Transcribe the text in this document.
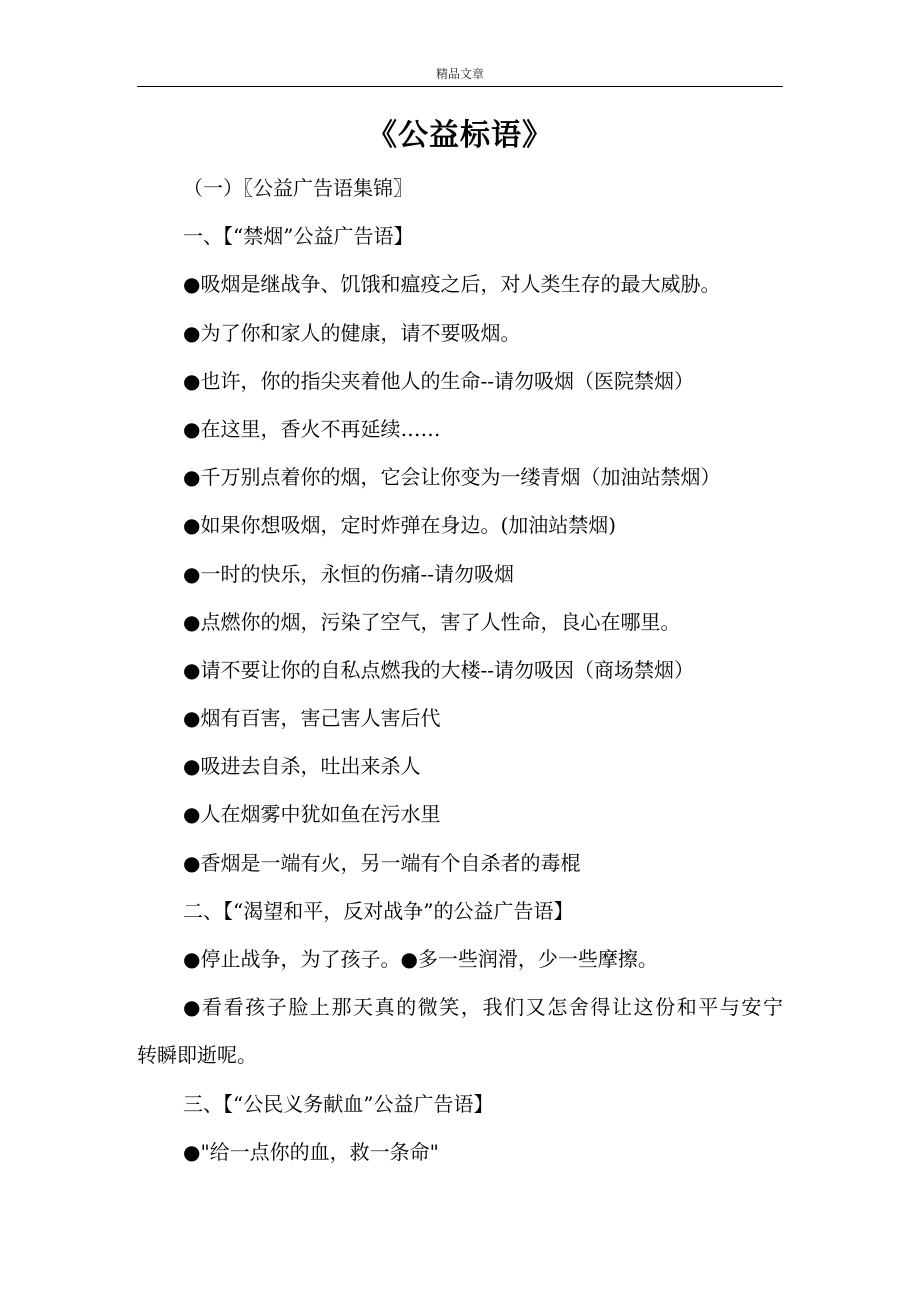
精品文章
《公益标语》
（一）〖公益广告语集锦〗
一、【“禁烟”公益广告语】
●吸烟是继战争、饥饿和瘟疫之后，对人类生存的最大威胁。
●为了你和家人的健康，请不要吸烟。
●也许，你的指尖夹着他人的生命--请勿吸烟（医院禁烟）
●在这里，香火不再延续……
●千万别点着你的烟，它会让你变为一缕青烟（加油站禁烟）
●如果你想吸烟，定时炸弹在身边。(加油站禁烟)
●一时的快乐，永恒的伤痛--请勿吸烟
●点燃你的烟，污染了空气，害了人性命，良心在哪里。
●请不要让你的自私点燃我的大楼--请勿吸因（商场禁烟）
●烟有百害，害己害人害后代
●吸进去自杀，吐出来杀人
●人在烟雾中犹如鱼在污水里
●香烟是一端有火，另一端有个自杀者的毒棍
二、【“渴望和平，反对战争”的公益广告语】
●停止战争，为了孩子。●多一些润滑，少一些摩擦。
●看看孩子脸上那天真的微笑，我们又怎舍得让这份和平与安宁
转瞬即逝呢。
三、【“公民义务献血”公益广告语】
●"给一点你的血，救一条命"
